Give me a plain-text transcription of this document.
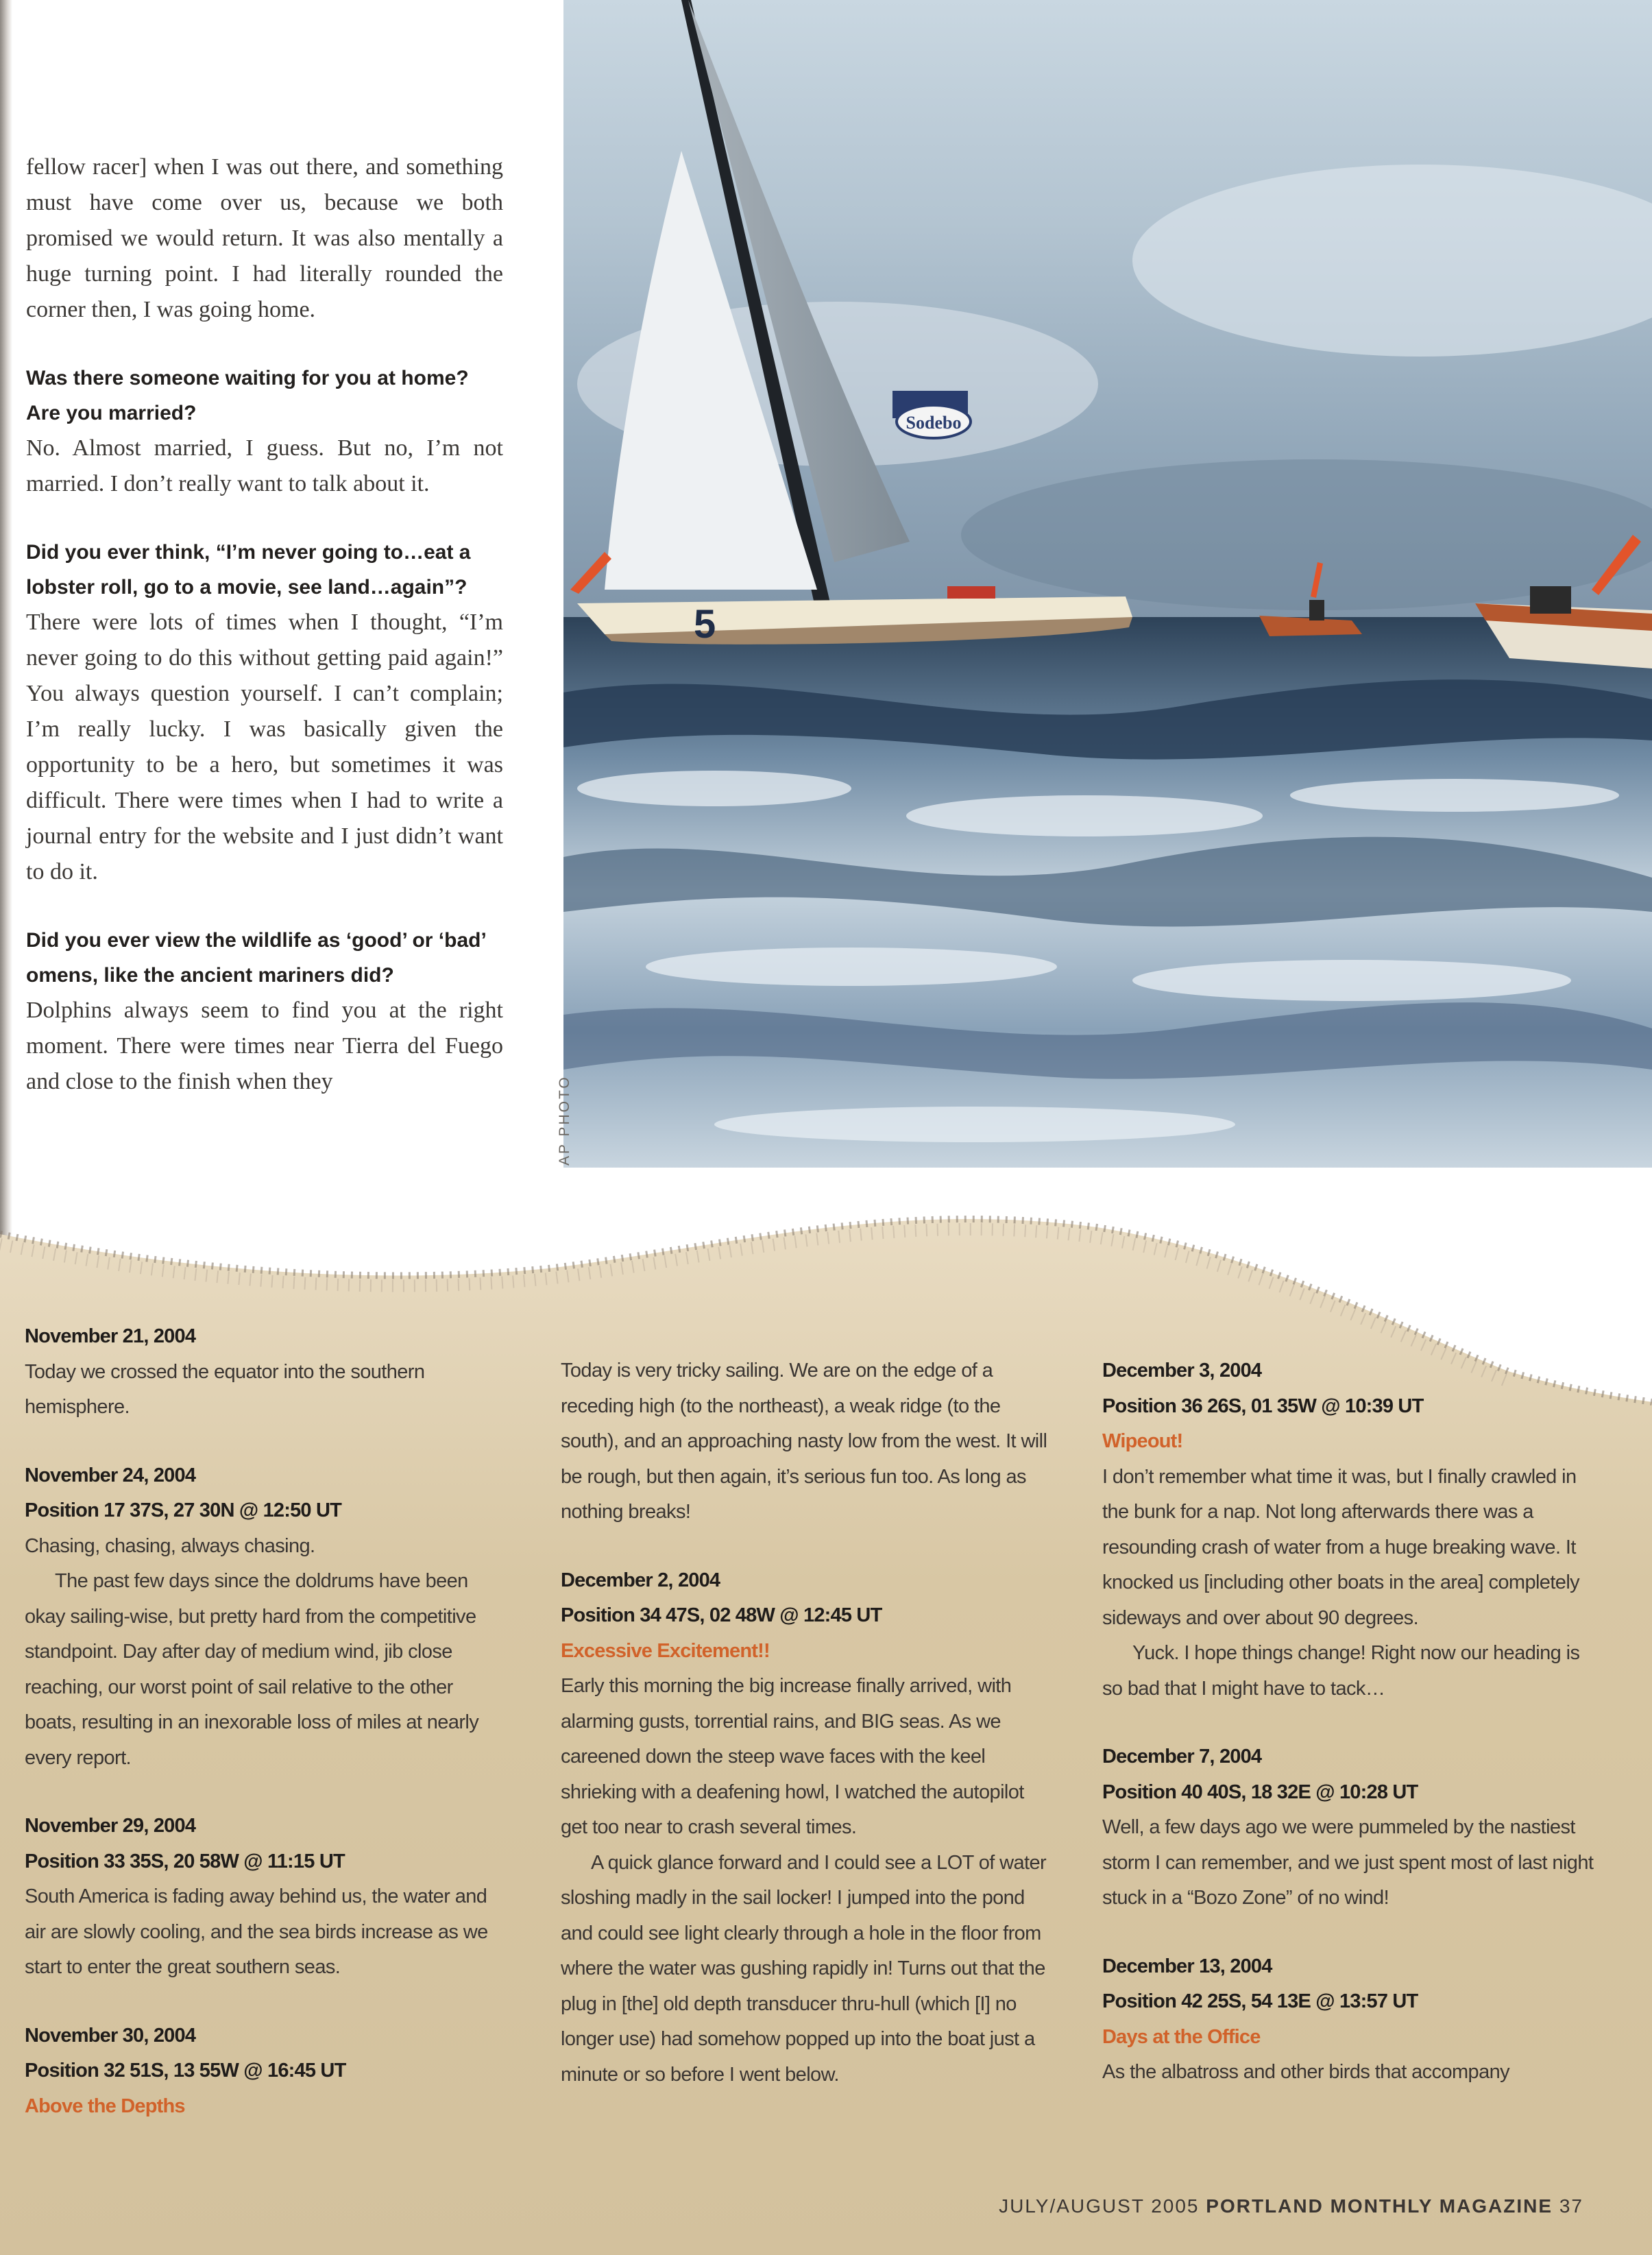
fellow racer] when I was out there, and something must have come over us, because we both promised we would return. It was also mentally a huge turning point. I had literally rounded the corner then, I was going home.

Was there someone waiting for you at home? Are you married?

No. Almost married, I guess. But no, I’m not married. I don’t really want to talk about it.

Did you ever think, “I’m never going to…eat a lobster roll, go to a movie, see land…again”?

There were lots of times when I thought, “I’m never going to do this without getting paid again!” You always question yourself. I can’t complain; I’m really lucky. I was basically given the opportunity to be a hero, but sometimes it was difficult. There were times when I had to write a journal entry for the website and I just didn’t want to do it.

Did you ever view the wildlife as ‘good’ or ‘bad’ omens, like the ancient mariners did?

Dolphins always seem to find you at the right moment. There were times near Tierra del Fuego and close to the finish when they

Sodebo
5
AP PHOTO
November 21, 2004

Today we crossed the equator into the southern hemisphere.

November 24, 2004
Position 17 37S, 27 30N @ 12:50 UT

Chasing, chasing, always chasing.

The past few days since the doldrums have been okay sailing-wise, but pretty hard from the competitive standpoint. Day after day of medium wind, jib close reaching, our worst point of sail relative to the other boats, resulting in an inexorable loss of miles at nearly every report.

November 29, 2004
Position 33 35S, 20 58W @ 11:15 UT

South America is fading away behind us, the water and air are slowly cooling, and the sea birds increase as we start to enter the great southern seas.

November 30, 2004
Position 32 51S, 13 55W @ 16:45 UT
Above the Depths

Today is very tricky sailing. We are on the edge of a receding high (to the northeast), a weak ridge (to the south), and an approaching nasty low from the west. It will be rough, but then again, it’s serious fun too. As long as nothing breaks!

December 2, 2004
Position 34 47S, 02 48W @ 12:45 UT
Excessive Excitement!!

Early this morning the big increase finally arrived, with alarming gusts, torrential rains, and BIG seas. As we careened down the steep wave faces with the keel shrieking with a deafening howl, I watched the autopilot get too near to crash several times.

A quick glance forward and I could see a LOT of water sloshing madly in the sail locker! I jumped into the pond and could see light clearly through a hole in the floor from where the water was gushing rapidly in! Turns out that the plug in [the] old depth transducer thru-hull (which [I] no longer use) had somehow popped up into the boat just a minute or so before I went below.

December 3, 2004
Position 36 26S, 01 35W @ 10:39 UT
Wipeout!

I don’t remember what time it was, but I finally crawled in the bunk for a nap. Not long afterwards there was a resounding crash of water from a huge breaking wave. It knocked us [including other boats in the area] completely sideways and over about 90 degrees.

Yuck. I hope things change! Right now our heading is so bad that I might have to tack…

December 7, 2004
Position 40 40S, 18 32E @ 10:28 UT

Well, a few days ago we were pummeled by the nastiest storm I can remember, and we just spent most of last night stuck in a “Bozo Zone” of no wind!

December 13, 2004
Position 42 25S, 54 13E @ 13:57 UT
Days at the Office

As the albatross and other birds that accompany

JULY/AUGUST 2005 PORTLAND MONTHLY MAGAZINE 37
